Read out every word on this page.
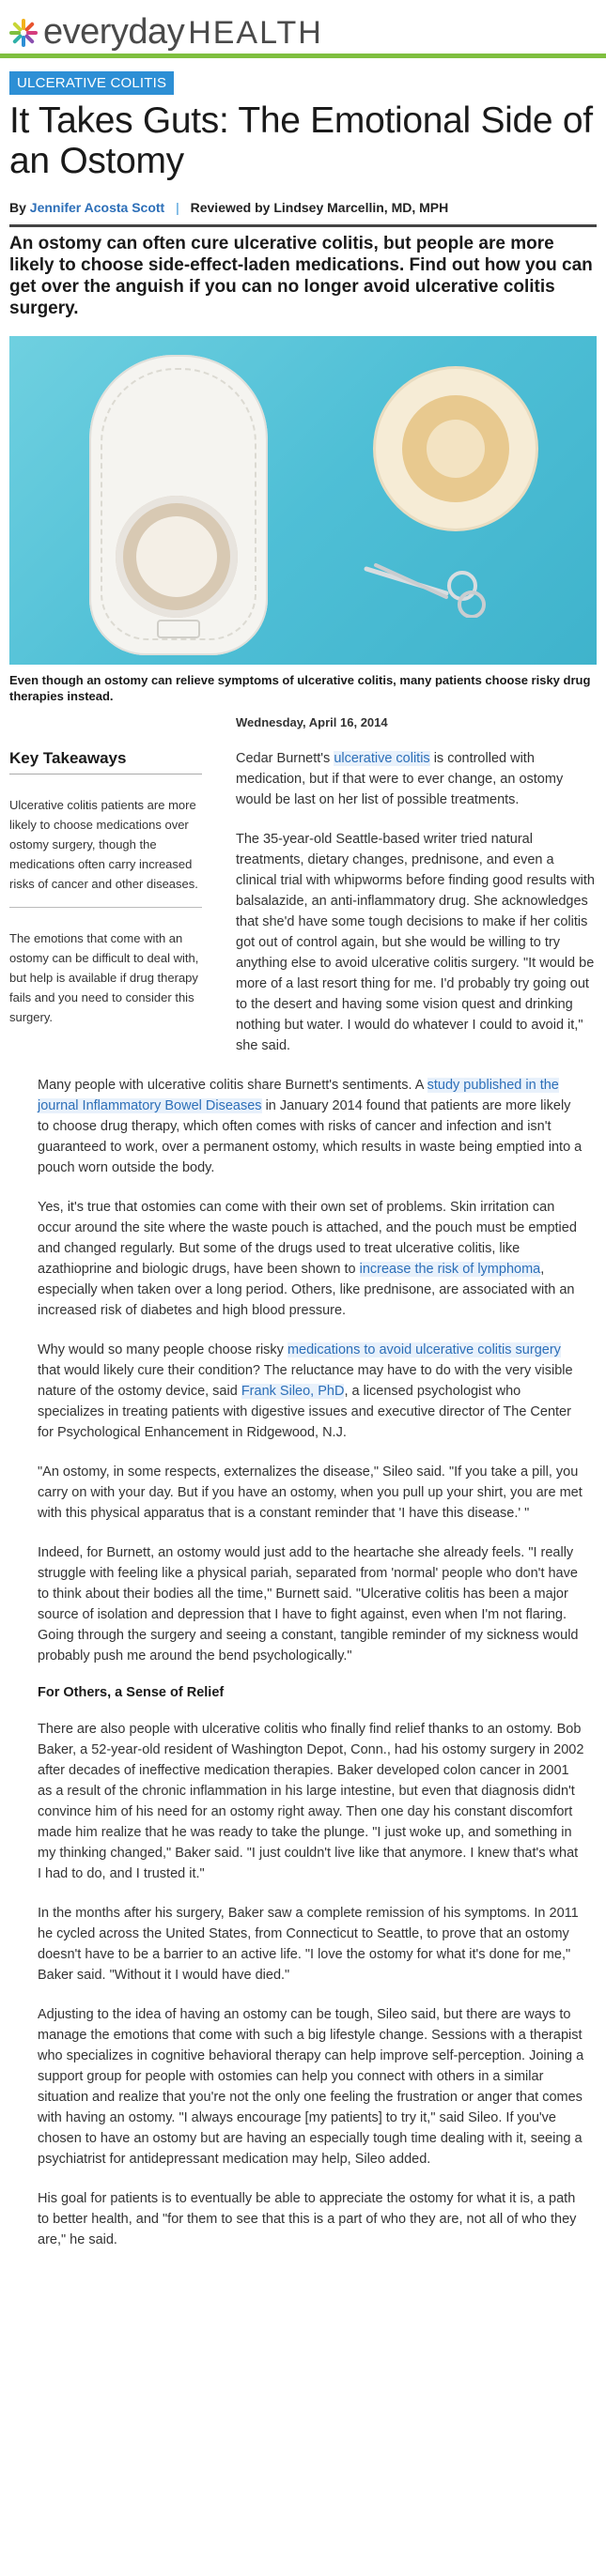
everyday HEALTH
ULCERATIVE COLITIS
It Takes Guts: The Emotional Side of an Ostomy
By Jennifer Acosta Scott | Reviewed by Lindsey Marcellin, MD, MPH
An ostomy can often cure ulcerative colitis, but people are more likely to choose side-effect-laden medications. Find out how you can get over the anguish if you can no longer avoid ulcerative colitis surgery.
Even though an ostomy can relieve symptoms of ulcerative colitis, many patients choose risky drug therapies instead.
Key Takeaways
Ulcerative colitis patients are more likely to choose medications over ostomy surgery, though the medications often carry increased risks of cancer and other diseases.
The emotions that come with an ostomy can be difficult to deal with, but help is available if drug therapy fails and you need to consider this surgery.
Wednesday, April 16, 2014

Cedar Burnett's ulcerative colitis is controlled with medication, but if that were to ever change, an ostomy would be last on her list of possible treatments.

The 35-year-old Seattle-based writer tried natural treatments, dietary changes, prednisone, and even a clinical trial with whipworms before finding good results with balsalazide, an anti-inflammatory drug. She acknowledges that she'd have some tough decisions to make if her colitis got out of control again, but she would be willing to try anything else to avoid ulcerative colitis surgery. "It would be more of a last resort thing for me. I'd probably try going out to the desert and having some vision quest and drinking nothing but water. I would do whatever I could to avoid it," she said.

Many people with ulcerative colitis share Burnett's sentiments. A study published in the journal Inflammatory Bowel Diseases in January 2014 found that patients are more likely to choose drug therapy, which often comes with risks of cancer and infection and isn't guaranteed to work, over a permanent ostomy, which results in waste being emptied into a pouch worn outside the body.

Yes, it's true that ostomies can come with their own set of problems. Skin irritation can occur around the site where the waste pouch is attached, and the pouch must be emptied and changed regularly. But some of the drugs used to treat ulcerative colitis, like azathioprine and biologic drugs, have been shown to increase the risk of lymphoma, especially when taken over a long period. Others, like prednisone, are associated with an increased risk of diabetes and high blood pressure.

Why would so many people choose risky medications to avoid ulcerative colitis surgery that would likely cure their condition? The reluctance may have to do with the very visible nature of the ostomy device, said Frank Sileo, PhD, a licensed psychologist who specializes in treating patients with digestive issues and executive director of The Center for Psychological Enhancement in Ridgewood, N.J.

"An ostomy, in some respects, externalizes the disease," Sileo said. "If you take a pill, you carry on with your day. But if you have an ostomy, when you pull up your shirt, you are met with this physical apparatus that is a constant reminder that 'I have this disease.' "

Indeed, for Burnett, an ostomy would just add to the heartache she already feels. "I really struggle with feeling like a physical pariah, separated from 'normal' people who don't have to think about their bodies all the time," Burnett said. "Ulcerative colitis has been a major source of isolation and depression that I have to fight against, even when I'm not flaring. Going through the surgery and seeing a constant, tangible reminder of my sickness would probably push me around the bend psychologically."

For Others, a Sense of Relief

There are also people with ulcerative colitis who finally find relief thanks to an ostomy. Bob Baker, a 52-year-old resident of Washington Depot, Conn., had his ostomy surgery in 2002 after decades of ineffective medication therapies. Baker developed colon cancer in 2001 as a result of the chronic inflammation in his large intestine, but even that diagnosis didn't convince him of his need for an ostomy right away. Then one day his constant discomfort made him realize that he was ready to take the plunge. "I just woke up, and something in my thinking changed," Baker said. "I just couldn't live like that anymore. I knew that's what I had to do, and I trusted it."

In the months after his surgery, Baker saw a complete remission of his symptoms. In 2011 he cycled across the United States, from Connecticut to Seattle, to prove that an ostomy doesn't have to be a barrier to an active life. "I love the ostomy for what it's done for me," Baker said. "Without it I would have died."

Adjusting to the idea of having an ostomy can be tough, Sileo said, but there are ways to manage the emotions that come with such a big lifestyle change. Sessions with a therapist who specializes in cognitive behavioral therapy can help improve self-perception. Joining a support group for people with ostomies can help you connect with others in a similar situation and realize that you're not the only one feeling the frustration or anger that comes with having an ostomy. "I always encourage [my patients] to try it," said Sileo. If you've chosen to have an ostomy but are having an especially tough time dealing with it, seeing a psychiatrist for antidepressant medication may help, Sileo added.

His goal for patients is to eventually be able to appreciate the ostomy for what it is, a path to better health, and "for them to see that this is a part of who they are, not all of who they are," he said.
